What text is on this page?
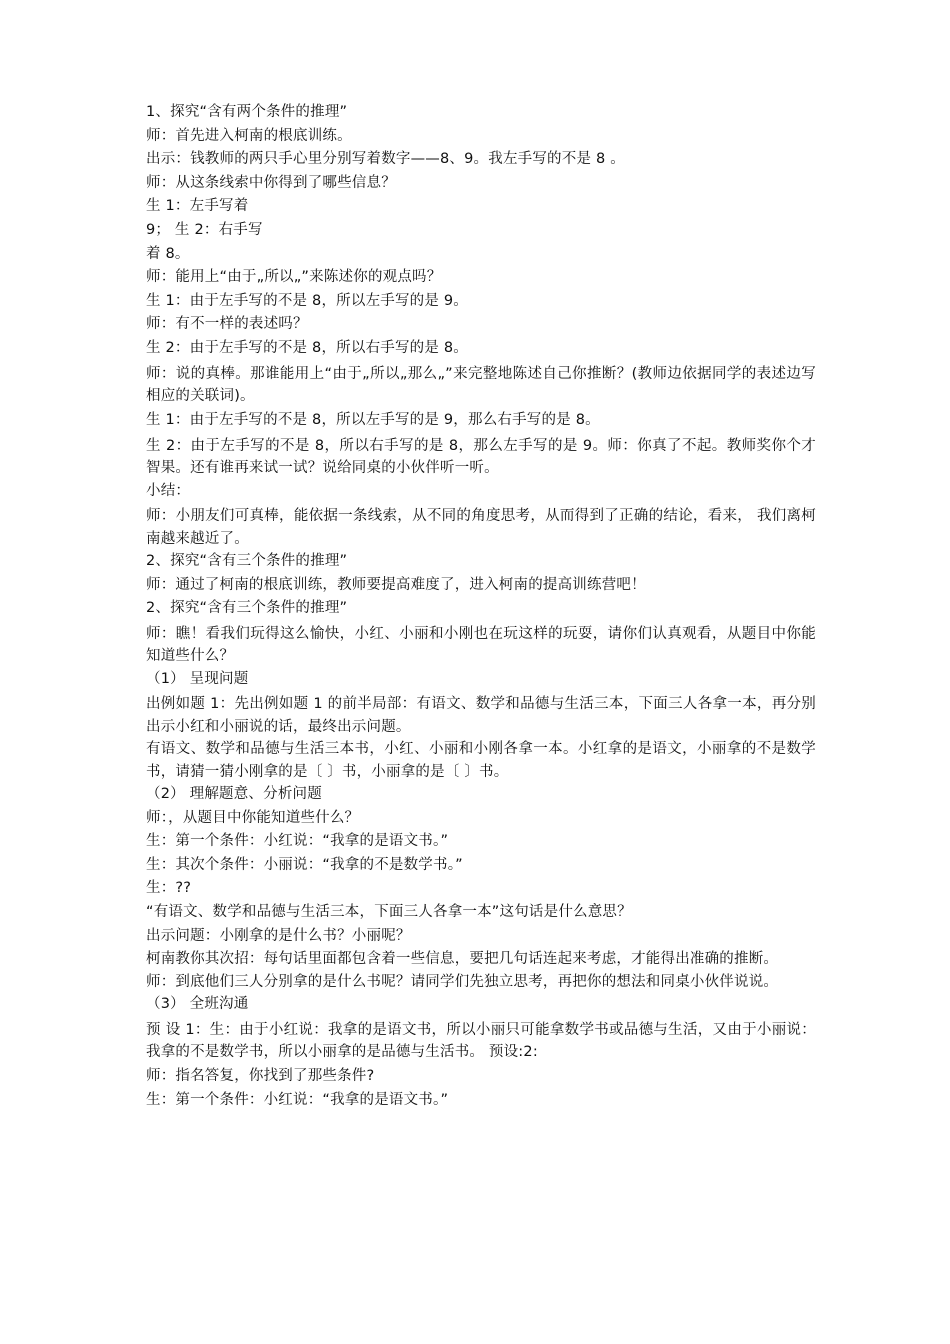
1、探究“含有两个条件的推理”
师：首先进入柯南的根底训练。
出示：钱教师的两只手心里分别写着数字——8、9。我左手写的不是 8 。
师：从这条线索中你得到了哪些信息？
生 1：左手写着
9； 生 2：右手写
着 8。
师：能用上“由于„所以„”来陈述你的观点吗？
生 1：由于左手写的不是 8，所以左手写的是 9。
师：有不一样的表述吗？
生 2：由于左手写的不是 8，所以右手写的是 8。
师：说的真棒。那谁能用上“由于„所以„那么„”来完整地陈述自己你推断？(教师边依据同学的表述边写相应的关联词)。
生 1：由于左手写的不是 8，所以左手写的是 9，那么右手写的是 8。
生 2：由于左手写的不是 8，所以右手写的是 8，那么左手写的是 9。师：你真了不起。教师奖你个才智果。还有谁再来试一试？说给同桌的小伙伴听一听。
小结：
师：小朋友们可真棒，能依据一条线索，从不同的角度思考，从而得到了正确的结论，看来， 我们离柯南越来越近了。
2、探究“含有三个条件的推理”
师：通过了柯南的根底训练，教师要提高难度了，进入柯南的提高训练营吧！
2、探究“含有三个条件的推理”
师：瞧！看我们玩得这么愉快，小红、小丽和小刚也在玩这样的玩耍，请你们认真观看，从题目中你能知道些什么？
（1） 呈现问题
出例如题 1：先出例如题 1 的前半局部：有语文、数学和品德与生活三本，下面三人各拿一本，再分别出示小红和小丽说的话，最终出示问题。
有语文、数学和品德与生活三本书，小红、小丽和小刚各拿一本。小红拿的是语文，小丽拿的不是数学书，请猜一猜小刚拿的是〔 〕书，小丽拿的是〔 〕书。
（2） 理解题意、分析问题
师：，从题目中你能知道些什么？
生：第一个条件：小红说：“我拿的是语文书。”
生：其次个条件：小丽说：“我拿的不是数学书。”
生：??
“有语文、数学和品德与生活三本，下面三人各拿一本”这句话是什么意思？
出示问题：小刚拿的是什么书？小丽呢？
柯南教你其次招：每句话里面都包含着一些信息，要把几句话连起来考虑，才能得出准确的推断。
师：到底他们三人分别拿的是什么书呢？请同学们先独立思考，再把你的想法和同桌小伙伴说说。
（3） 全班沟通
预 设 1：生：由于小红说：我拿的是语文书，所以小丽只可能拿数学书或品德与生活，又由于小丽说：我拿的不是数学书，所以小丽拿的是品德与生活书。 预设:2:
师：指名答复，你找到了那些条件?
生：第一个条件：小红说：“我拿的是语文书。”
